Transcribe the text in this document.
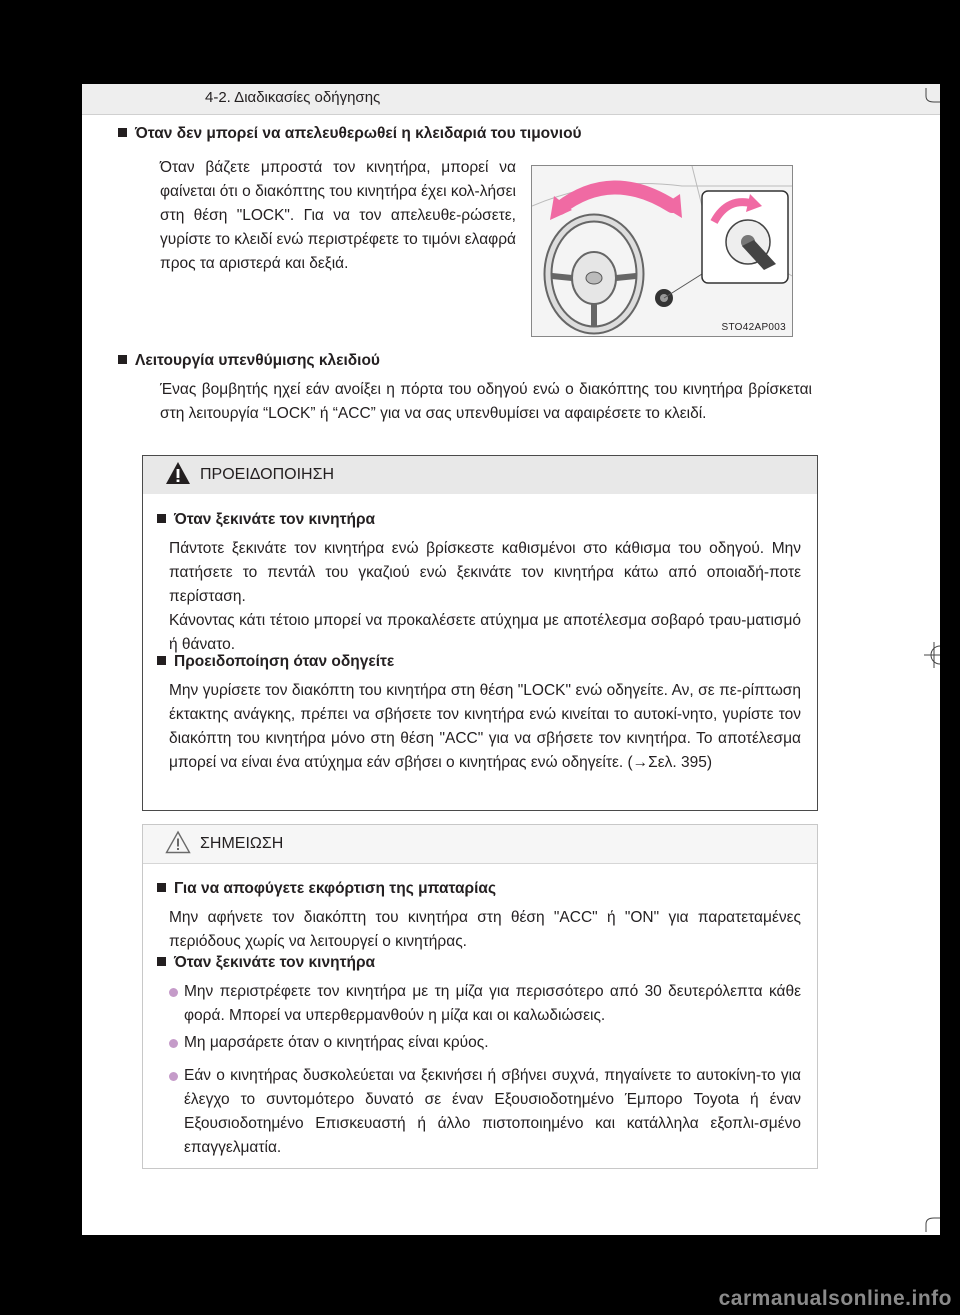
4-2. Διαδικασίες οδήγησης
Όταν δεν μπορεί να απελευθερωθεί η κλειδαριά του τιμονιού
Όταν βάζετε μπροστά τον κινητήρα, μπορεί να φαίνεται ότι ο διακόπτης του κινητήρα έχει κολ-λήσει στη θέση "LOCK". Για να τον απελευθε-ρώσετε, γυρίστε το κλειδί ενώ περιστρέφετε το τιμόνι ελαφρά προς τα αριστερά και δεξιά.
STO42AP003
Λειτουργία υπενθύμισης κλειδιού
Ένας βομβητής ηχεί εάν ανοίξει η πόρτα του οδηγού ενώ ο διακόπτης του κινητήρα βρίσκεται στη λειτουργία “LOCK” ή “ACC” για να σας υπενθυμίσει να αφαιρέσετε το κλειδί.
ΠΡΟΕΙΔΟΠΟΙΗΣΗ
Όταν ξεκινάτε τον κινητήρα
Πάντοτε ξεκινάτε τον κινητήρα ενώ βρίσκεστε καθισμένοι στο κάθισμα του οδηγού. Μην πατήσετε το πεντάλ του γκαζιού ενώ ξεκινάτε τον κινητήρα κάτω από οποιαδή-ποτε περίσταση.
Κάνοντας κάτι τέτοιο μπορεί να προκαλέσετε ατύχημα με αποτέλεσμα σοβαρό τραυ-ματισμό ή θάνατο.
Προειδοποίηση όταν οδηγείτε
Μην γυρίσετε τον διακόπτη του κινητήρα στη θέση "LOCK" ενώ οδηγείτε. Αν, σε πε-ρίπτωση έκτακτης ανάγκης, πρέπει να σβήσετε τον κινητήρα ενώ κινείται το αυτοκί-νητο, γυρίστε τον διακόπτη του κινητήρα μόνο στη θέση "ACC" για να σβήσετε τον κινητήρα. Το αποτέλεσμα μπορεί να είναι ένα ατύχημα εάν σβήσει ο κινητήρας ενώ οδηγείτε. (→Σελ. 395)
ΣΗΜΕΙΩΣΗ
Για να αποφύγετε εκφόρτιση της μπαταρίας
Μην αφήνετε τον διακόπτη του κινητήρα στη θέση "ACC" ή "ON" για παρατεταμένες περιόδους χωρίς να λειτουργεί ο κινητήρας.
Όταν ξεκινάτε τον κινητήρα
Μην περιστρέφετε τον κινητήρα με τη μίζα για περισσότερο από 30 δευτερόλεπτα κάθε φορά. Μπορεί να υπερθερμανθούν η μίζα και οι καλωδιώσεις.
Μη μαρσάρετε όταν ο κινητήρας είναι κρύος.
Εάν ο κινητήρας δυσκολεύεται να ξεκινήσει ή σβήνει συχνά, πηγαίνετε το αυτοκίνη-το για έλεγχο το συντομότερο δυνατό σε έναν Εξουσιοδοτημένο Έμπορο Toyota ή έναν Εξουσιοδοτημένο Επισκευαστή ή άλλο πιστοποιημένο και κατάλληλα εξοπλι-σμένο επαγγελματία.
carmanualsonline.info
